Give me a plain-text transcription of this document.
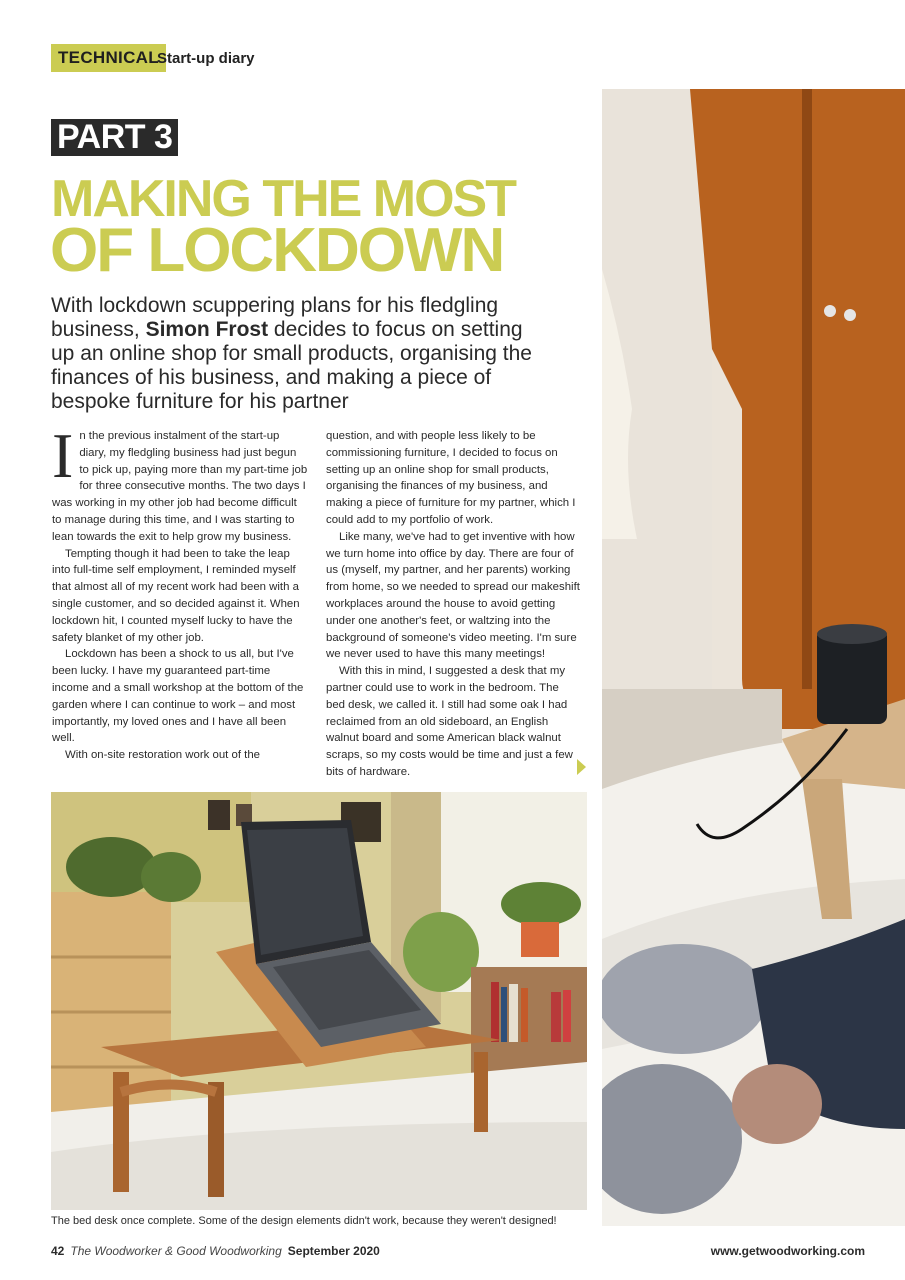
TECHNICAL
Start-up diary
PART 3
MAKING THE MOST
OF LOCKDOWN
With lockdown scuppering plans for his fledgling business, Simon Frost decides to focus on setting up an online shop for small products, organising the finances of his business, and making a piece of bespoke furniture for his partner

In the previous instalment of the start-up diary, my fledgling business had just begun to pick up, paying more than my part-time job for three consecutive months. The two days I was working in my other job had become difficult to manage during this time, and I was starting to lean towards the exit to help grow my business.

Tempting though it had been to take the leap into full-time self employment, I reminded myself that almost all of my recent work had been with a single customer, and so decided against it. When lockdown hit, I counted myself lucky to have the safety blanket of my other job.

Lockdown has been a shock to us all, but I've been lucky. I have my guaranteed part-time income and a small workshop at the bottom of the garden where I can continue to work – and most importantly, my loved ones and I have all been well.

With on-site restoration work out of the

question, and with people less likely to be commissioning furniture, I decided to focus on setting up an online shop for small products, organising the finances of my business, and making a piece of furniture for my partner, which I could add to my portfolio of work.

Like many, we've had to get inventive with how we turn home into office by day. There are four of us (myself, my partner, and her parents) working from home, so we needed to spread our makeshift workplaces around the house to avoid getting under one another's feet, or waltzing into the background of someone's video meeting. I'm sure we never used to have this many meetings!

With this in mind, I suggested a desk that my partner could use to work in the bedroom. The bed desk, we called it. I still had some oak I had reclaimed from an old sideboard, an English walnut board and some American black walnut scraps, so my costs would be time and just a few bits of hardware.

The bed desk once complete. Some of the design elements didn't work, because they weren't designed!
42 The Woodworker & Good Woodworking September 2020	www.getwoodworking.com
